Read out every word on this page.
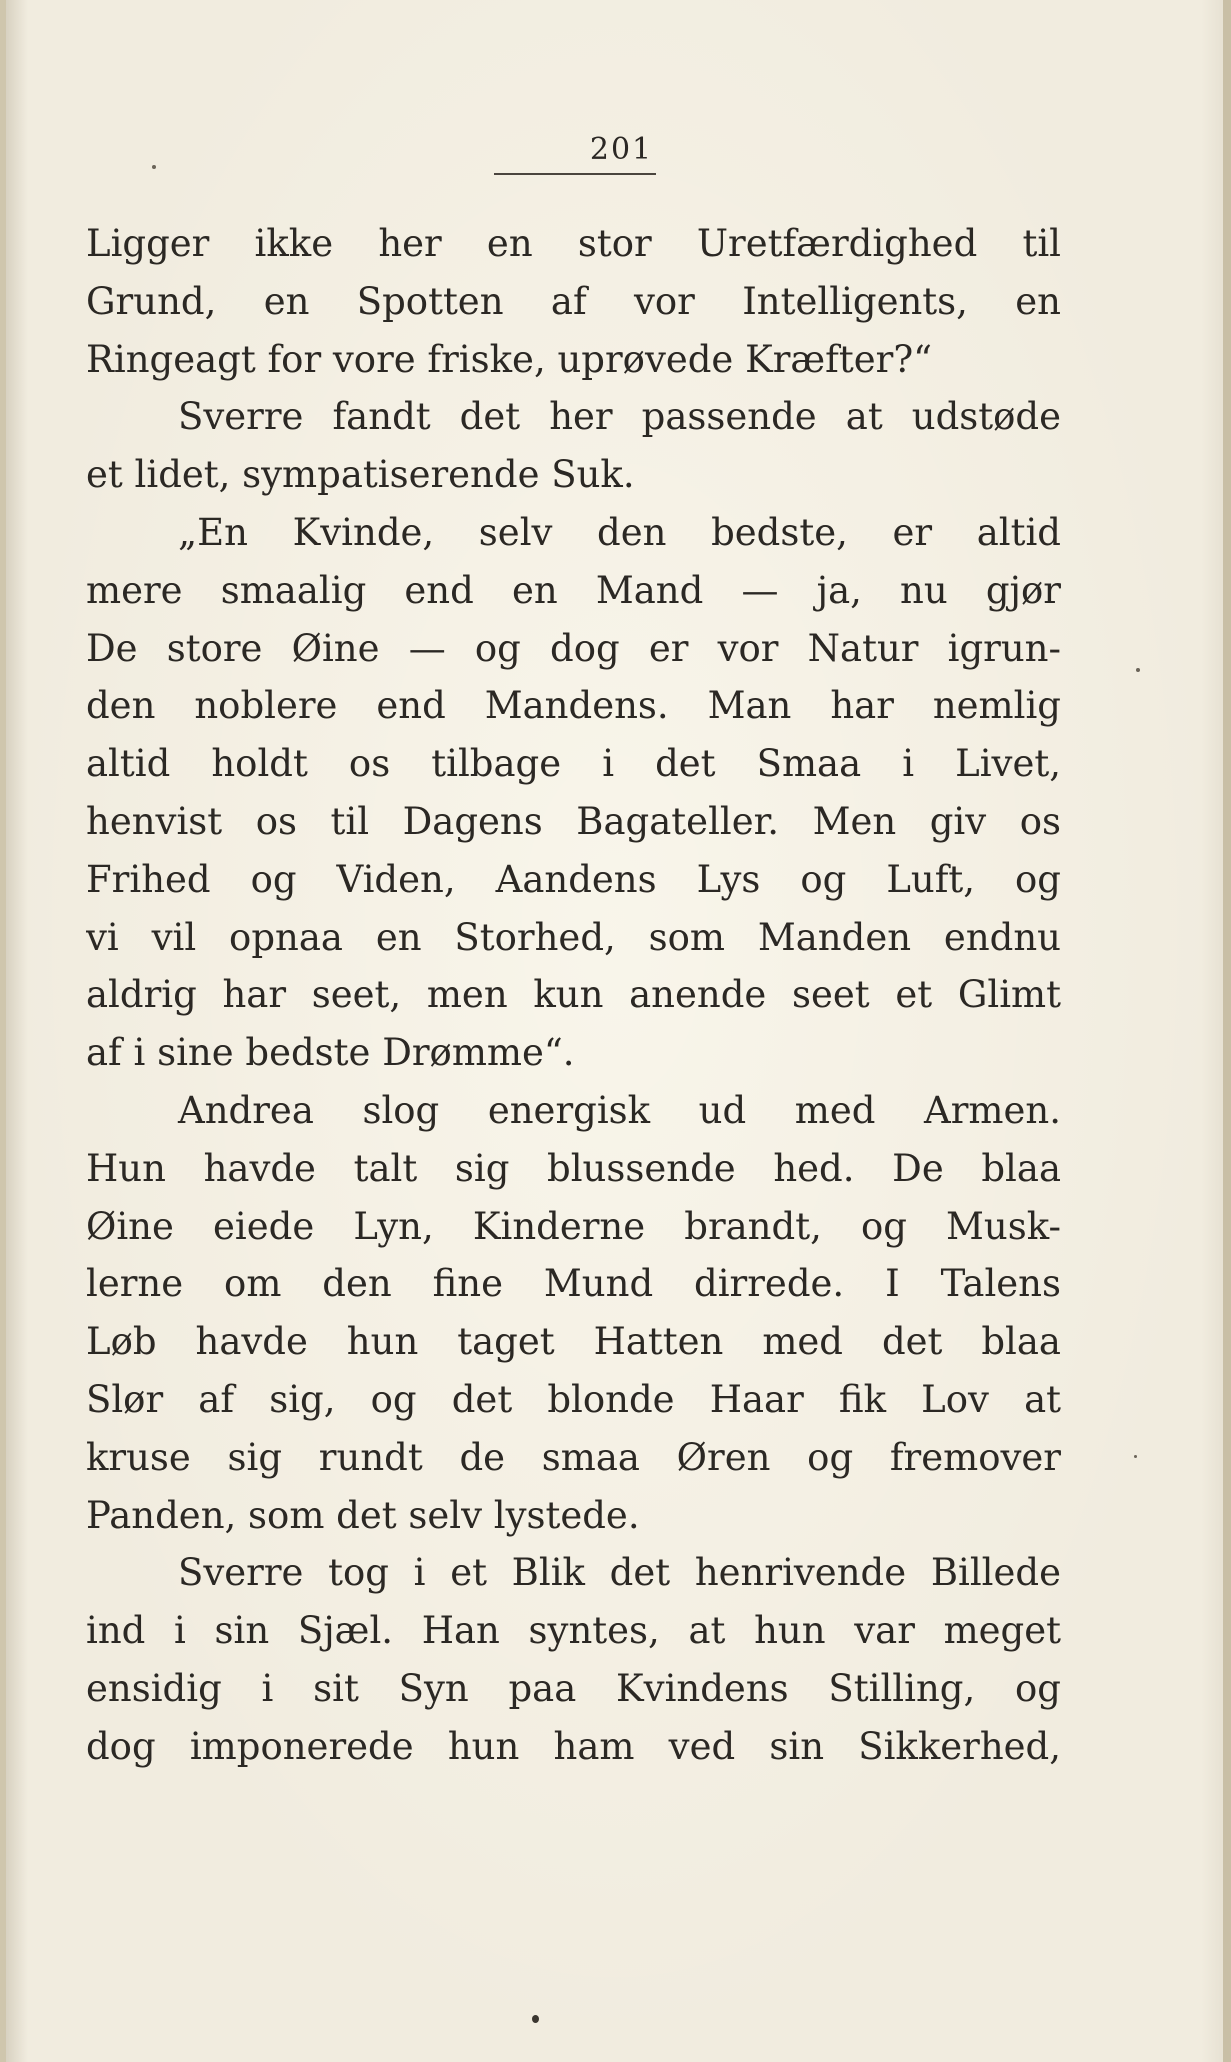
201
Ligger ikke her en stor Uretfærdighed til
Grund, en Spotten af vor Intelligents, en
Ringeagt for vore friske, uprøvede Kræfter?“
Sverre fandt det her passende at udstøde
et lidet, sympatiserende Suk.
„En Kvinde, selv den bedste, er altid
mere smaalig end en Mand — ja, nu gjør
De store Øine — og dog er vor Natur igrun-
den noblere end Mandens. Man har nemlig
altid holdt os tilbage i det Smaa i Livet,
henvist os til Dagens Bagateller. Men giv os
Frihed og Viden, Aandens Lys og Luft, og
vi vil opnaa en Storhed, som Manden endnu
aldrig har seet, men kun anende seet et Glimt
af i sine bedste Drømme“.
Andrea slog energisk ud med Armen.
Hun havde talt sig blussende hed. De blaa
Øine eiede Lyn, Kinderne brandt, og Musk-
lerne om den fine Mund dirrede. I Talens
Løb havde hun taget Hatten med det blaa
Slør af sig, og det blonde Haar fik Lov at
kruse sig rundt de smaa Øren og fremover
Panden, som det selv lystede.
Sverre tog i et Blik det henrivende Billede
ind i sin Sjæl. Han syntes, at hun var meget
ensidig i sit Syn paa Kvindens Stilling, og
dog imponerede hun ham ved sin Sikkerhed,
